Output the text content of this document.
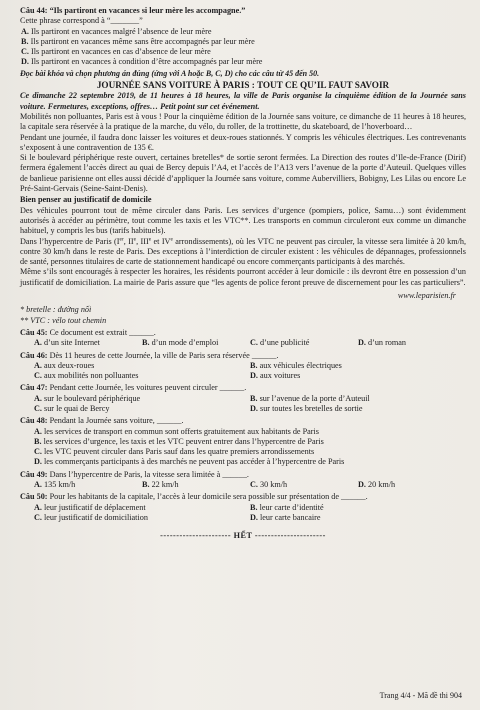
Câu 44: “Ils partiront en vacances si leur mère les accompagne.”

Cette phrase correspond à “_______”

A. Ils partiront en vacances malgré l’absence de leur mère
B. Ils partiront en vacances même sans être accompagnés par leur mère
C. Ils partiront en vacances en cas d’absence de leur mère
D. Ils partiront en vacances à condition d’être accompagnés par leur mère

Đọc bài khóa và chọn phương án đúng (ứng với A hoặc B, C, D) cho các câu từ 45 đến 50.

JOURNÉE SANS VOITURE À PARIS : TOUT CE QU’IL FAUT SAVOIR

Ce dimanche 22 septembre 2019, de 11 heures à 18 heures, la ville de Paris organise la cinquième édition de la Journée sans voiture. Fermetures, exceptions, offres… Petit point sur cet événement.

Mobilités non polluantes, Paris est à vous ! Pour la cinquième édition de la Journée sans voiture, ce dimanche de 11 heures à 18 heures, la capitale sera réservée à la pratique de la marche, du vélo, du roller, de la trottinette, du skateboard, de l’hoverboard…

Pendant une journée, il faudra donc laisser les voitures et deux-roues stationnés. Y compris les véhicules électriques. Les contrevenants s’exposent à une contravention de 135 €.

Si le boulevard périphérique reste ouvert, certaines bretelles* de sortie seront fermées. La Direction des routes d’Ile-de-France (Dirif) fermera également l’accès direct au quai de Bercy depuis l’A4, et l’accès de l’A13 vers l’avenue de la porte d’Auteuil. Quelques villes de banlieue parisienne ont elles aussi décidé d’appliquer la Journée sans voiture, comme Aubervilliers, Bobigny, Les Lilas ou encore Le Pré-Saint-Gervais (Seine-Saint-Denis).

Bien penser au justificatif de domicile

Des véhicules pourront tout de même circuler dans Paris. Les services d’urgence (pompiers, police, Samu…) sont évidemment autorisés à accéder au périmètre, tout comme les taxis et les VTC**. Les transports en commun circuleront eux comme un dimanche habituel, y compris les bus (tarifs habituels).

Dans l’hypercentre de Paris (Ier, IIe, IIIe et IVe arrondissements), où les VTC ne peuvent pas circuler, la vitesse sera limitée à 20 km/h, contre 30 km/h dans le reste de Paris. Des exceptions à l’interdiction de circuler existent : les véhicules de dépannages, professionnels de santé, personnes titulaires de carte de stationnement handicapé ou encore commerçants participants à des marchés.

Même s’ils sont encouragés à respecter les horaires, les résidents pourront accéder à leur domicile : ils devront être en possession d’un justificatif de domiciliation. La mairie de Paris assure que “les agents de police feront preuve de discernement pour les cas particuliers”.

www.leparisien.fr

* bretelle : đường nối

** VTC : vélo tout chemin

Câu 45: Ce document est extrait ______.

A. d’un site Internet	B. d’un mode d’emploi	C. d’une publicité	D. d’un roman

Câu 46: Dès 11 heures de cette Journée, la ville de Paris sera réservée ______.

A. aux deux-roues	B. aux véhicules électriques
C. aux mobilités non polluantes	D. aux voitures

Câu 47: Pendant cette Journée, les voitures peuvent circuler ______.

A. sur le boulevard périphérique	B. sur l’avenue de la porte d’Auteuil
C. sur le quai de Bercy	D. sur toutes les bretelles de sortie

Câu 48: Pendant la Journée sans voiture, ______.

A. les services de transport en commun sont offerts gratuitement aux habitants de Paris
B. les services d’urgence, les taxis et les VTC peuvent entrer dans l’hypercentre de Paris
C. les VTC peuvent circuler dans Paris sauf dans les quatre premiers arrondissements
D. les commerçants participants à des marchés ne peuvent pas accéder à l’hypercentre de Paris

Câu 49: Dans l’hypercentre de Paris, la vitesse sera limitée à ______.

A. 135 km/h	B. 22 km/h	C. 30 km/h	D. 20 km/h

Câu 50: Pour les habitants de la capitale, l’accès à leur domicile sera possible sur présentation de ______.

A. leur justificatif de déplacement	B. leur carte d’identité
C. leur justificatif de domiciliation	D. leur carte bancaire

---------------------- HẾT ----------------------

Trang 4/4 - Mã đề thi 904
